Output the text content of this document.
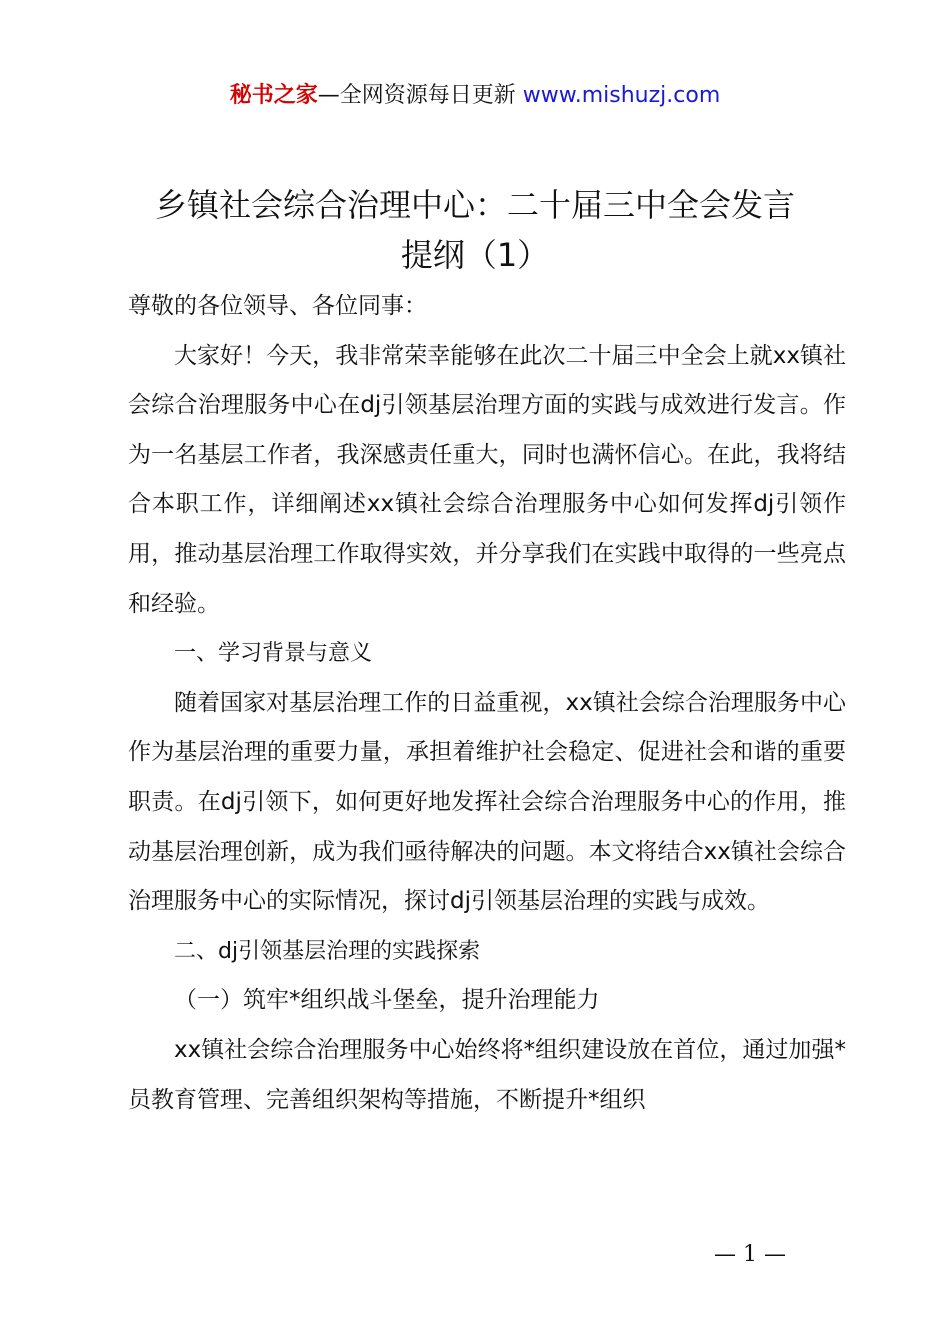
秘书之家—全网资源每日更新 www.mishuzj.com
乡镇社会综合治理中心：二十届三中全会发言
提纲（1）

尊敬的各位领导、各位同事：

大家好！今天，我非常荣幸能够在此次二十届三中全会上就xx镇社会综合治理服务中心在dj引领基层治理方面的实践与成效进行发言。作为一名基层工作者，我深感责任重大，同时也满怀信心。在此，我将结合本职工作，详细阐述xx镇社会综合治理服务中心如何发挥dj引领作用，推动基层治理工作取得实效，并分享我们在实践中取得的一些亮点和经验。

一、学习背景与意义

随着国家对基层治理工作的日益重视，xx镇社会综合治理服务中心作为基层治理的重要力量，承担着维护社会稳定、促进社会和谐的重要职责。在dj引领下，如何更好地发挥社会综合治理服务中心的作用，推动基层治理创新，成为我们亟待解决的问题。本文将结合xx镇社会综合治理服务中心的实际情况，探讨dj引领基层治理的实践与成效。

二、dj引领基层治理的实践探索

（一）筑牢*组织战斗堡垒，提升治理能力

xx镇社会综合治理服务中心始终将*组织建设放在首位，通过加强*员教育管理、完善组织架构等措施，不断提升*组织

— 1 —
